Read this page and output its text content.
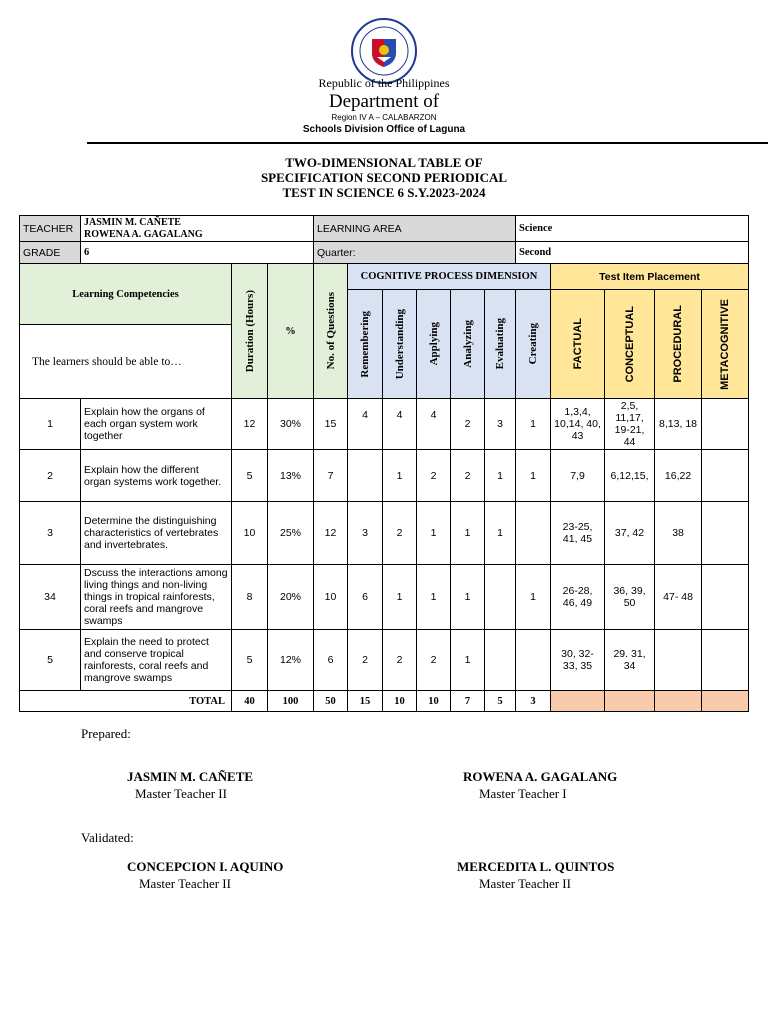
Republic of the Philippines
Department of
Region IV A – CALABARZON
Schools Division Office of Laguna
TWO-DIMENSIONAL TABLE OF
SPECIFICATION SECOND PERIODICAL
TEST IN SCIENCE 6 S.Y.2023-2024
TEACHER	JASMIN M. CAÑETE
ROWENA A. GAGALANG			LEARNING AREA						Science				
GRADE	6			Quarter:						Second				
Learning Competencies		Duration (Hours)	%	No. of Questions	COGNITIVE PROCESS DIMENSION						Test Item Placement			

					Remembering	Understanding	Applying	Analyzing	Evaluating	Creating	FACTUAL	CONCEPTUAL	PROCEDURAL	METACOGNITIVE

The learners should be able to…														
1	Explain how the organs of each organ system work together	12	30%	15	4	4	4	2	3	1	1,3,4, 10,14, 40, 43	2,5, 11,17, 19-21, 44	8,13, 18	
2	Explain how the different organ systems work together.	5	13%	7		1	2	2	1	1	7,9	6,12,15,	16,22	
3	Determine the distinguishing characteristics of vertebrates and invertebrates.	10	25%	12	3	2	1	1	1		23-25, 41, 45	37, 42	38	
34	Dscuss the interactions among living things and non-living things in tropical rainforests, coral reefs and mangrove swamps	8	20%	10	6	1	1	1		1	26-28, 46, 49	36, 39, 50	47- 48	
5	Explain the need to protect and conserve tropical rainforests, coral reefs and mangrove swamps	5	12%	6	2	2	2	1			30, 32-33, 35	29. 31, 34		
TOTAL		40	100	50	15	10	10	7	5	3				
Prepared:
JASMIN M. CAÑETE
Master Teacher II
ROWENA A. GAGALANG
Master Teacher I
Validated:
CONCEPCION I. AQUINO
Master Teacher II
MERCEDITA L. QUINTOS
Master Teacher II
